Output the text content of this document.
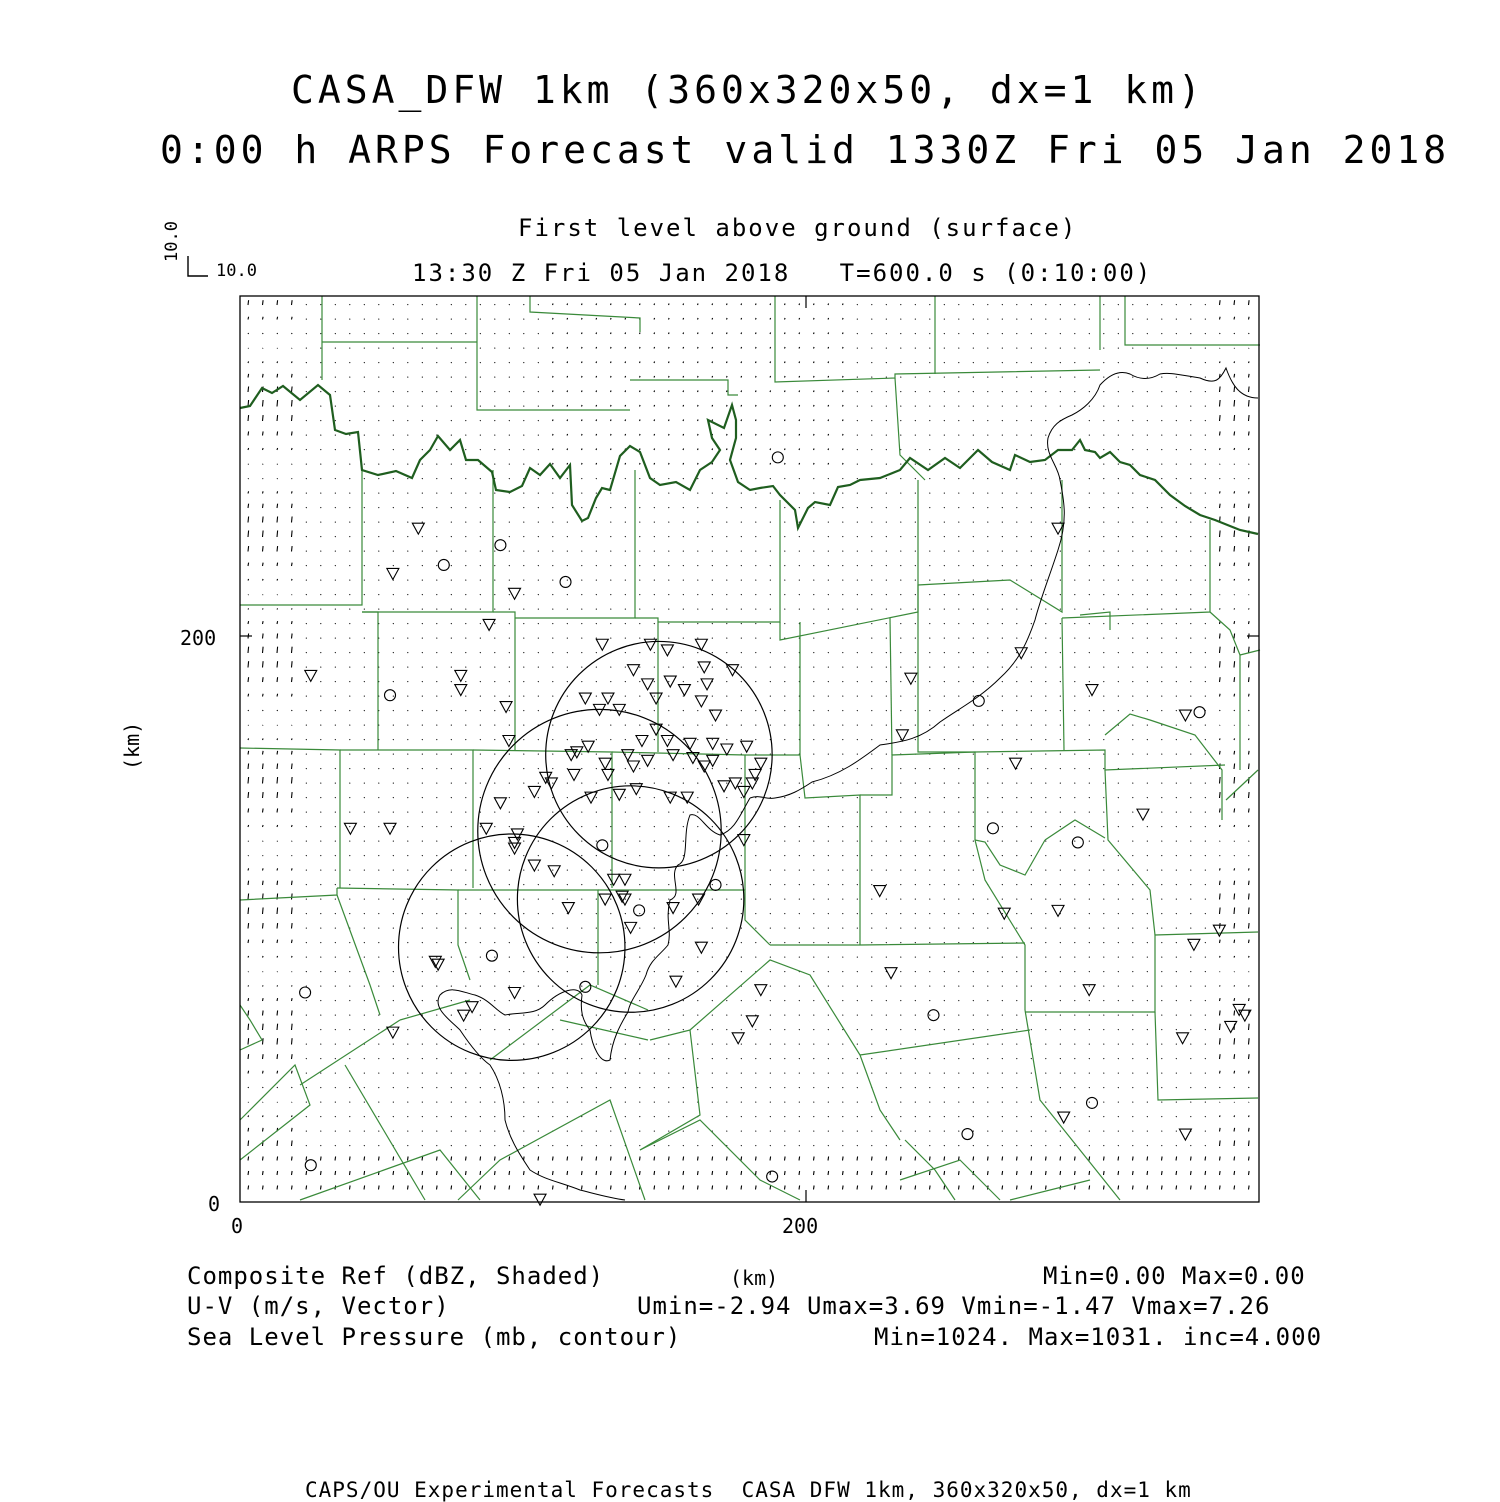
CASA_DFW 1km (360x320x50, dx=1 km)
0:00 h ARPS Forecast valid 1330Z Fri 05 Jan 2018
First level above ground (surface)
13:30 Z Fri 05 Jan 2018   T=600.0 s (0:10:00)
10.0
10.0
(km)
200
0
0	200
(km)
Composite Ref (dBZ, Shaded)	Min=0.00 Max=0.00
U-V (m/s, Vector)	Umin=-2.94 Umax=3.69 Vmin=-1.47 Vmax=7.26
Sea Level Pressure (mb, contour)	Min=1024. Max=1031. inc=4.000
CAPS/OU Experimental Forecasts  CASA DFW 1km, 360x320x50, dx=1 km
